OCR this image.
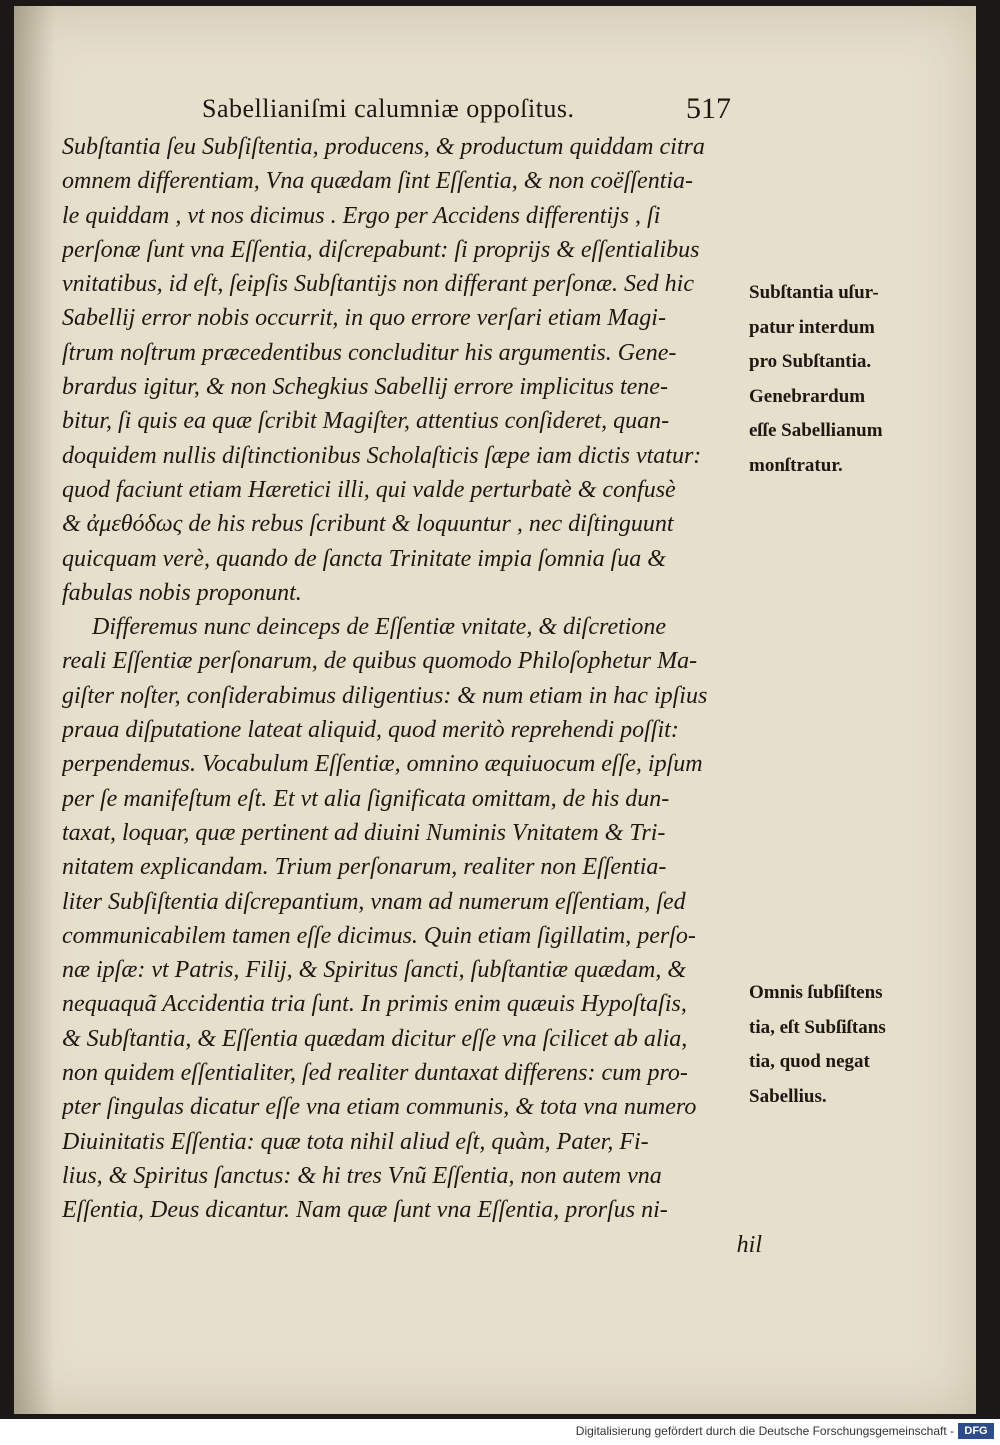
Sabellianiſmi calumniæ oppoſitus.	517
Subſtantia ſeu Subſiſtentia, producens, & productum quiddam citra
omnem differentiam, Vna quædam ſint Eſſentia, & non coëſſentia-
le quiddam , vt nos dicimus . Ergo per Accidens differentijs , ſi
perſonæ ſunt vna Eſſentia, diſcrepabunt: ſi proprijs & eſſentialibus
vnitatibus, id eſt, ſeipſis Subſtantijs non differant perſonæ. Sed hic
Sabellij error nobis occurrit, in quo errore verſari etiam Magi-
ſtrum noſtrum præcedentibus concluditur his argumentis. Gene-
brardus igitur, & non Schegkius Sabellij errore implicitus tene-
bitur, ſi quis ea quæ ſcribit Magiſter, attentius conſideret, quan-
doquidem nullis diſtinctionibus Scholaſticis ſæpe iam dictis vtatur:
quod faciunt etiam Hæretici illi, qui valde perturbatè & confusè
& ἀμεθόδως de his rebus ſcribunt & loquuntur , nec diſtinguunt
quicquam verè, quando de ſancta Trinitate impia ſomnia ſua &
fabulas nobis proponunt.
Differemus nunc deinceps de Eſſentiæ vnitate, & diſcretione
reali Eſſentiæ perſonarum, de quibus quomodo Philoſophetur Ma-
giſter noſter, conſiderabimus diligentius: & num etiam in hac ipſius
praua diſputatione lateat aliquid, quod meritò reprehendi poſſit:
perpendemus. Vocabulum Eſſentiæ, omnino æquiuocum eſſe, ipſum
per ſe manifeſtum eſt. Et vt alia ſignificata omittam, de his dun-
taxat, loquar, quæ pertinent ad diuini Numinis Vnitatem & Tri-
nitatem explicandam. Trium perſonarum, realiter non Eſſentia-
liter Subſiſtentia diſcrepantium, vnam ad numerum eſſentiam, ſed
communicabilem tamen eſſe dicimus. Quin etiam ſigillatim, perſo-
næ ipſæ: vt Patris, Filij, & Spiritus ſancti, ſubſtantiæ quædam, &
nequaquã Accidentia tria ſunt. In primis enim quæuis Hypoſtaſis,
& Subſtantia, & Eſſentia quædam dicitur eſſe vna ſcilicet ab alia,
non quidem eſſentialiter, ſed realiter duntaxat differens: cum pro-
pter ſingulas dicatur eſſe vna etiam communis, & tota vna numero
Diuinitatis Eſſentia: quæ tota nihil aliud eſt, quàm, Pater, Fi-
lius, & Spiritus ſanctus: & hi tres Vnũ Eſſentia, non autem vna
Eſſentia, Deus dicantur. Nam quæ ſunt vna Eſſentia, prorſus ni-
hil
Subſtantia uſur-
patur interdum
pro Subſtantia.
Genebrardum
eſſe Sabellianum
monſtratur.
Omnis ſubſiſtens
tia, eſt Subſiſtans
tia, quod negat
Sabellius.
Digitalisierung gefördert durch die Deutsche Forschungsgemeinschaft - DFG
